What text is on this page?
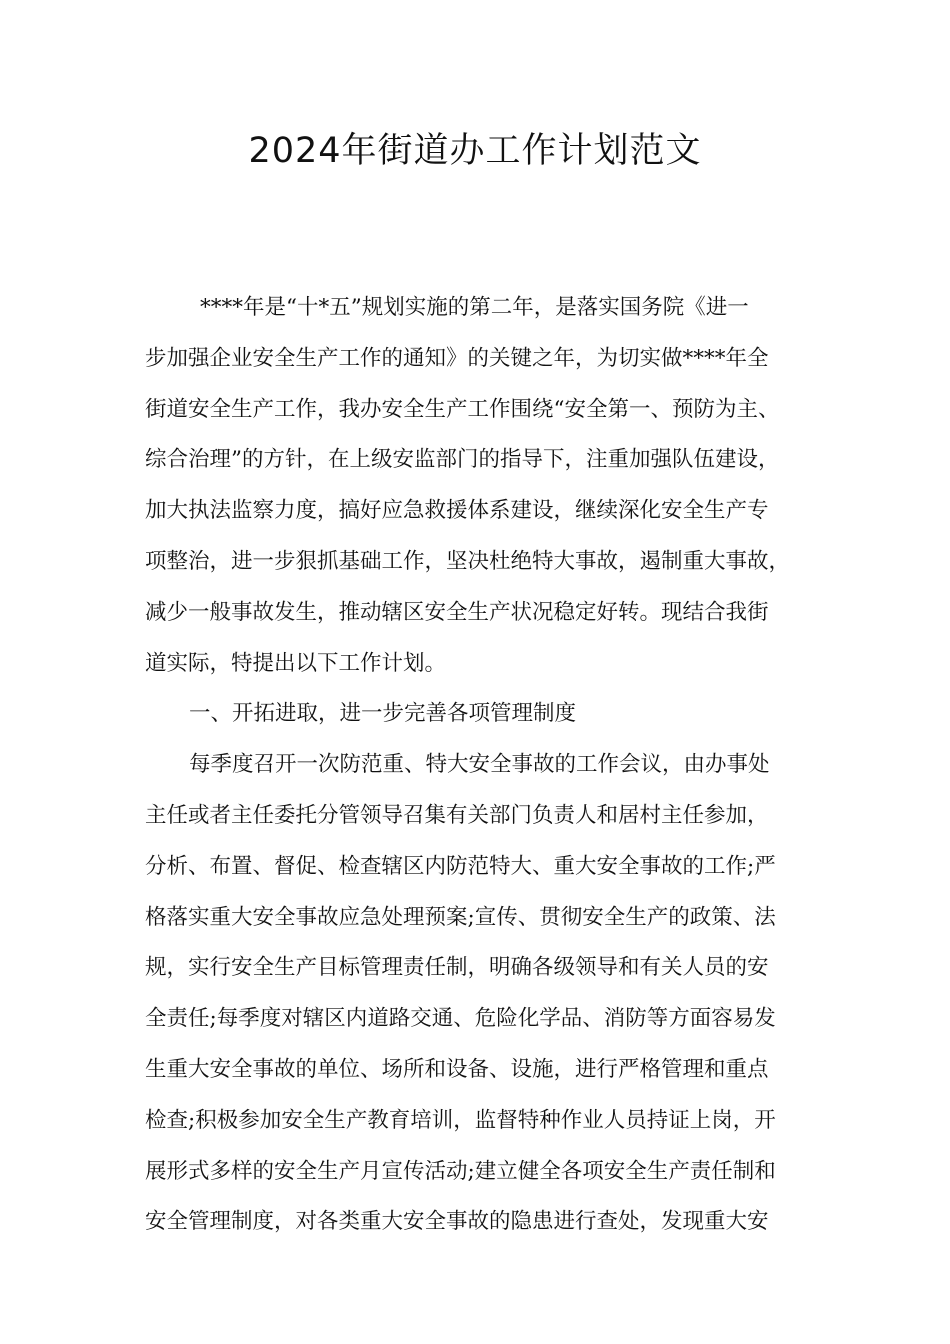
2024年街道办工作计划范文
****年是“十*五”规划实施的第二年，是落实国务院《进一
步加强企业安全生产工作的通知》的关键之年，为切实做****年全
街道安全生产工作，我办安全生产工作围绕“安全第一、预防为主、
综合治理”的方针，在上级安监部门的指导下，注重加强队伍建设，
加大执法监察力度，搞好应急救援体系建设，继续深化安全生产专
项整治，进一步狠抓基础工作，坚决杜绝特大事故，遏制重大事故，
减少一般事故发生，推动辖区安全生产状况稳定好转。现结合我街
道实际，特提出以下工作计划。
一、开拓进取，进一步完善各项管理制度
每季度召开一次防范重、特大安全事故的工作会议，由办事处
主任或者主任委托分管领导召集有关部门负责人和居村主任参加，
分析、布置、督促、检查辖区内防范特大、重大安全事故的工作;严
格落实重大安全事故应急处理预案;宣传、贯彻安全生产的政策、法
规，实行安全生产目标管理责任制，明确各级领导和有关人员的安
全责任;每季度对辖区内道路交通、危险化学品、消防等方面容易发
生重大安全事故的单位、场所和设备、设施，进行严格管理和重点
检查;积极参加安全生产教育培训，监督特种作业人员持证上岗，开
展形式多样的安全生产月宣传活动;建立健全各项安全生产责任制和
安全管理制度，对各类重大安全事故的隐患进行查处，发现重大安
